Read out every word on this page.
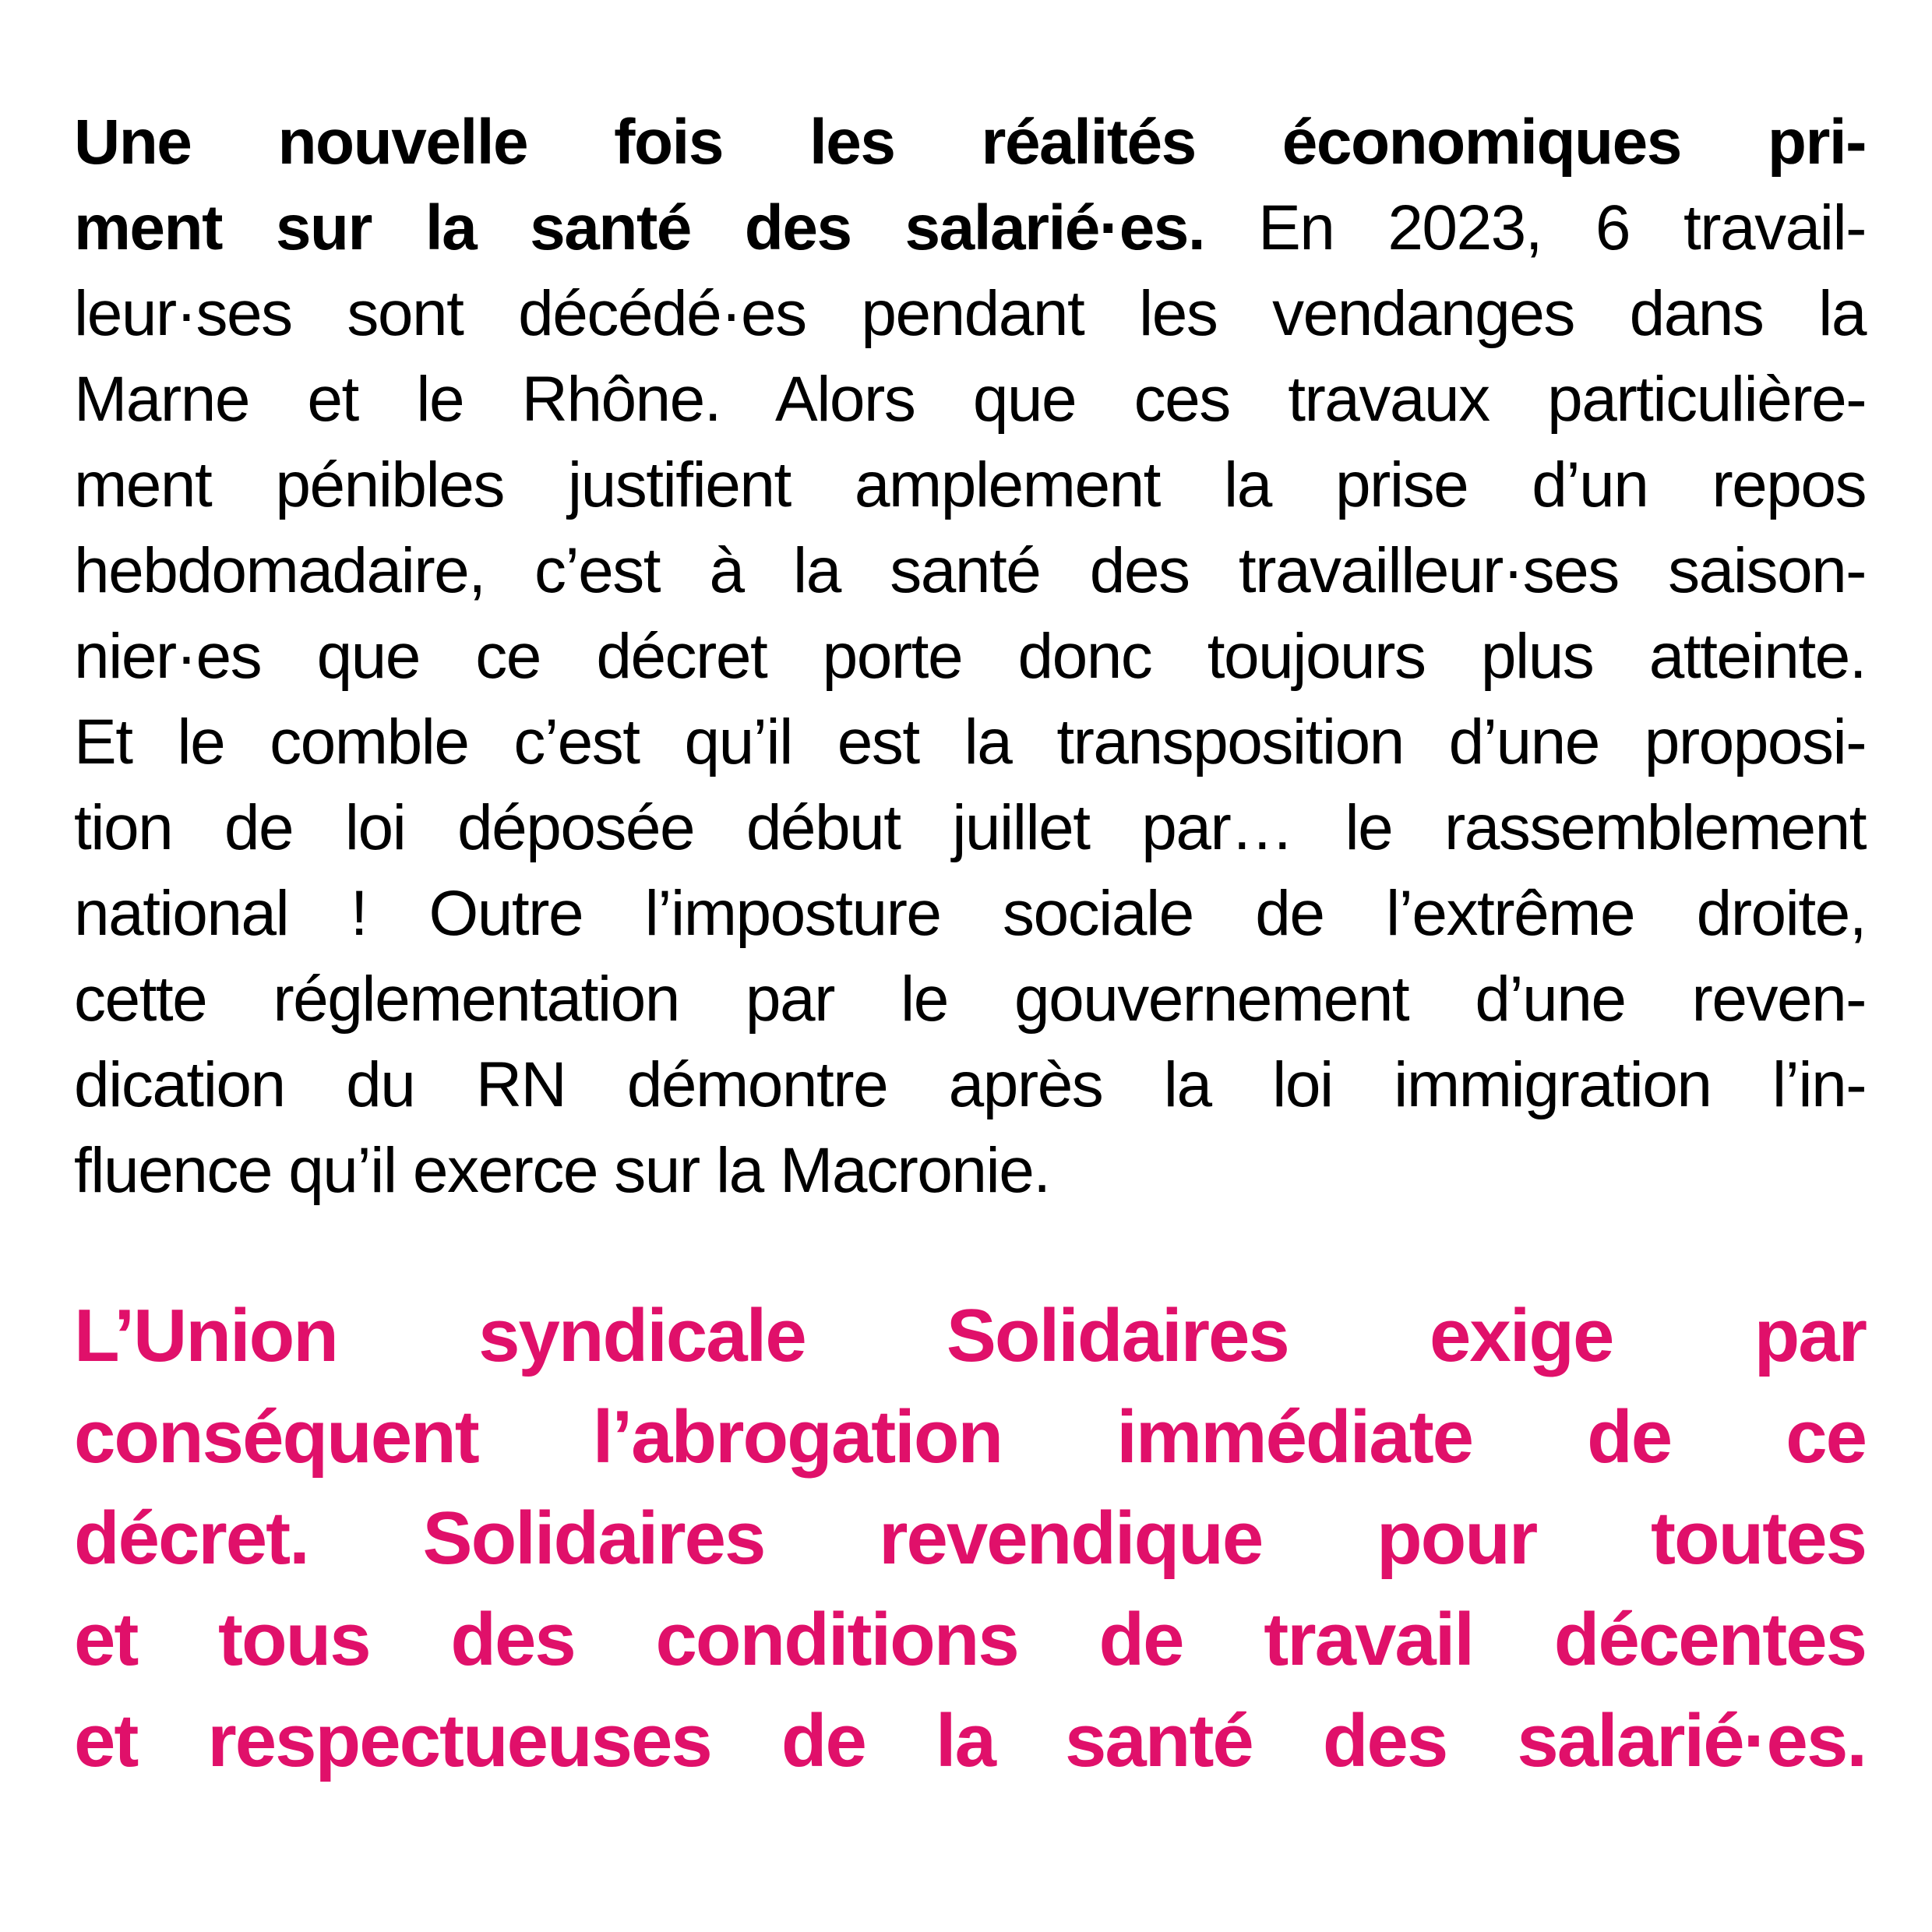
Une nouvelle fois les réalités économiques pri-
ment sur la santé des salarié·es. En 2023, 6 travail-
leur·ses sont décédé·es pendant les vendanges dans la
Marne et le Rhône. Alors que ces travaux particulière-
ment pénibles justifient amplement la prise d’un repos
hebdomadaire, c’est à la santé des travailleur·ses saison-
nier·es que ce décret porte donc toujours plus atteinte.
Et le comble c’est qu’il est la transposition d’une proposi-
tion de loi déposée début juillet par… le rassemblement
national ! Outre l’imposture sociale de l’extrême droite,
cette réglementation par le gouvernement d’une reven-
dication du RN démontre après la loi immigration l’in-
fluence qu’il exerce sur la Macronie.
L’Union syndicale Solidaires exige par
conséquent l’abrogation immédiate de ce
décret. Solidaires revendique pour toutes
et tous des conditions de travail décentes
et respectueuses de la santé des salarié·es.
